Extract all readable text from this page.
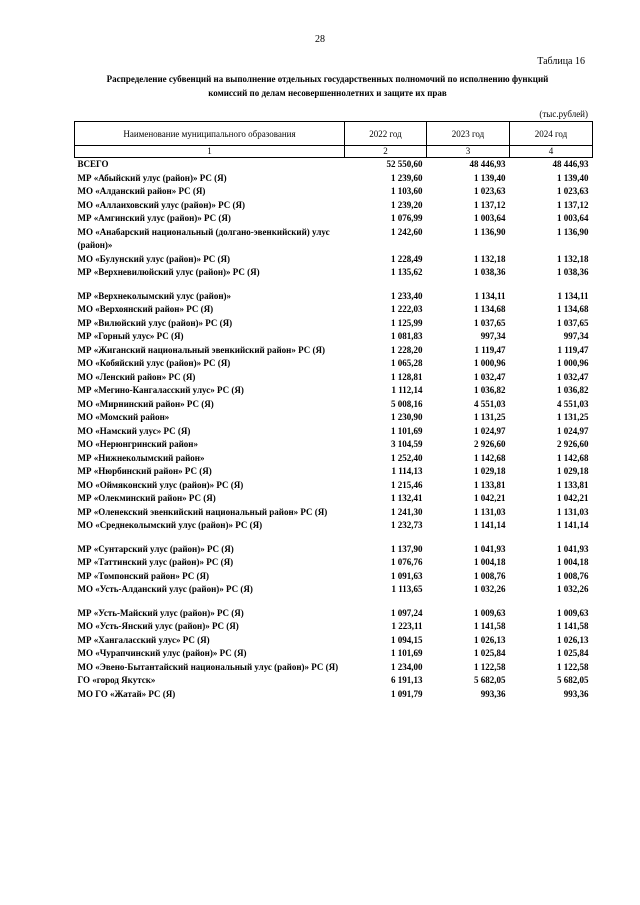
28
Таблица 16
Распределение субвенций на выполнение отдельных государственных полномочий по исполнению функций
комиссий по делам несовершеннолетних и защите их прав
(тыс.рублей)
Наименование муниципального образования	2022 год	2023 год	2024 год
1	2	3	4
ВСЕГО	52 550,60	48 446,93	48 446,93
МР «Абыйский улус (район)» РС (Я)	1 239,60	1 139,40	1 139,40
МО «Алданский район» РС (Я)	1 103,60	1 023,63	1 023,63
МО «Аллаиховский улус (район)» РС (Я)	1 239,20	1 137,12	1 137,12
МР «Амгинский улус (район)» РС (Я)	1 076,99	1 003,64	1 003,64
МО «Анабарский национальный (долгано-эвенкийский) улус (район)»	1 242,60	1 136,90	1 136,90
МО «Булунский улус (район)» РС (Я)	1 228,49	1 132,18	1 132,18
МР «Верхневилюйский улус (район)» РС (Я)	1 135,62	1 038,36	1 038,36

МР «Верхнеколымский улус (район)»	1 233,40	1 134,11	1 134,11
МО «Верхоянский район» РС (Я)	1 222,03	1 134,68	1 134,68
МР «Вилюйский улус (район)» РС (Я)	1 125,99	1 037,65	1 037,65
МР «Горный улус» РС (Я)	1 081,83	997,34	997,34
МР «Жиганский национальный эвенкийский район» РС (Я)	1 228,20	1 119,47	1 119,47
МО «Кобяйский улус (район)» РС (Я)	1 065,28	1 000,96	1 000,96
МО «Ленский район» РС (Я)	1 128,81	1 032,47	1 032,47
МР «Мегино-Кангаласский улус» РС (Я)	1 112,14	1 036,82	1 036,82
МО «Мирнинский район» РС (Я)	5 008,16	4 551,03	4 551,03
МО «Момский район»	1 230,90	1 131,25	1 131,25
МО «Намский улус» РС (Я)	1 101,69	1 024,97	1 024,97
МО «Нерюнгринский район»	3 104,59	2 926,60	2 926,60
МР «Нижнеколымский район»	1 252,40	1 142,68	1 142,68
МР «Нюрбинский район» РС (Я)	1 114,13	1 029,18	1 029,18
МО «Оймяконский улус (район)» РС (Я)	1 215,46	1 133,81	1 133,81
МР «Олекминский район» РС (Я)	1 132,41	1 042,21	1 042,21
МР «Оленекский эвенкийский национальный район» РС (Я)	1 241,30	1 131,03	1 131,03
МО «Среднеколымский улус (район)» РС (Я)	1 232,73	1 141,14	1 141,14

МР «Сунтарский улус (район)» РС (Я)	1 137,90	1 041,93	1 041,93
МР «Таттинский улус (район)» РС (Я)	1 076,76	1 004,18	1 004,18
МР «Томпонский район» РС (Я)	1 091,63	1 008,76	1 008,76
МО «Усть-Алданский улус (район)» РС (Я)	1 113,65	1 032,26	1 032,26

МР «Усть-Майский улус (район)» РС (Я)	1 097,24	1 009,63	1 009,63
МО «Усть-Янский улус (район)» РС (Я)	1 223,11	1 141,58	1 141,58
МР «Хангаласский улус» РС (Я)	1 094,15	1 026,13	1 026,13
МО «Чурапчинский улус (район)» РС (Я)	1 101,69	1 025,84	1 025,84
МО «Эвено-Бытантайский национальный улус (район)» РС (Я)	1 234,00	1 122,58	1 122,58
ГО «город Якутск»	6 191,13	5 682,05	5 682,05
МО ГО «Жатай» РС (Я)	1 091,79	993,36	993,36
